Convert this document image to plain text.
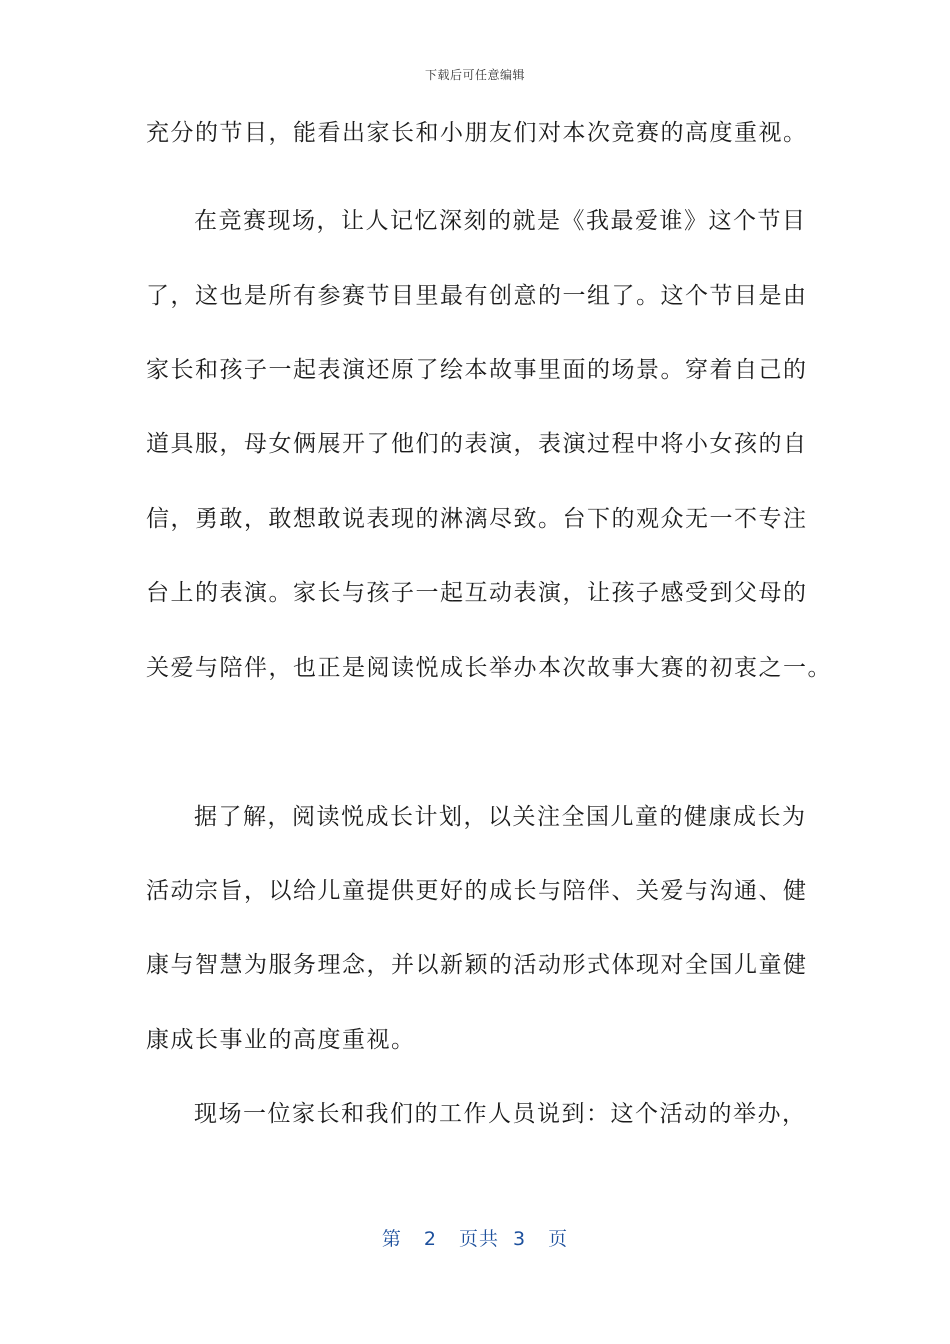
下载后可任意编辑
充分的节目，能看出家长和小朋友们对本次竞赛的高度重视。
在竞赛现场，让人记忆深刻的就是《我最爱谁》这个节目
了，这也是所有参赛节目里最有创意的一组了。这个节目是由
家长和孩子一起表演还原了绘本故事里面的场景。穿着自己的
道具服，母女俩展开了他们的表演，表演过程中将小女孩的自
信，勇敢，敢想敢说表现的淋漓尽致。台下的观众无一不专注
台上的表演。家长与孩子一起互动表演，让孩子感受到父母的
关爱与陪伴，也正是阅读悦成长举办本次故事大赛的初衷之一。
据了解，阅读悦成长计划，以关注全国儿童的健康成长为
活动宗旨，以给儿童提供更好的成长与陪伴、关爱与沟通、健
康与智慧为服务理念，并以新颖的活动形式体现对全国儿童健
康成长事业的高度重视。
现场一位家长和我们的工作人员说到：这个活动的举办，
第 2 页共 3 页
